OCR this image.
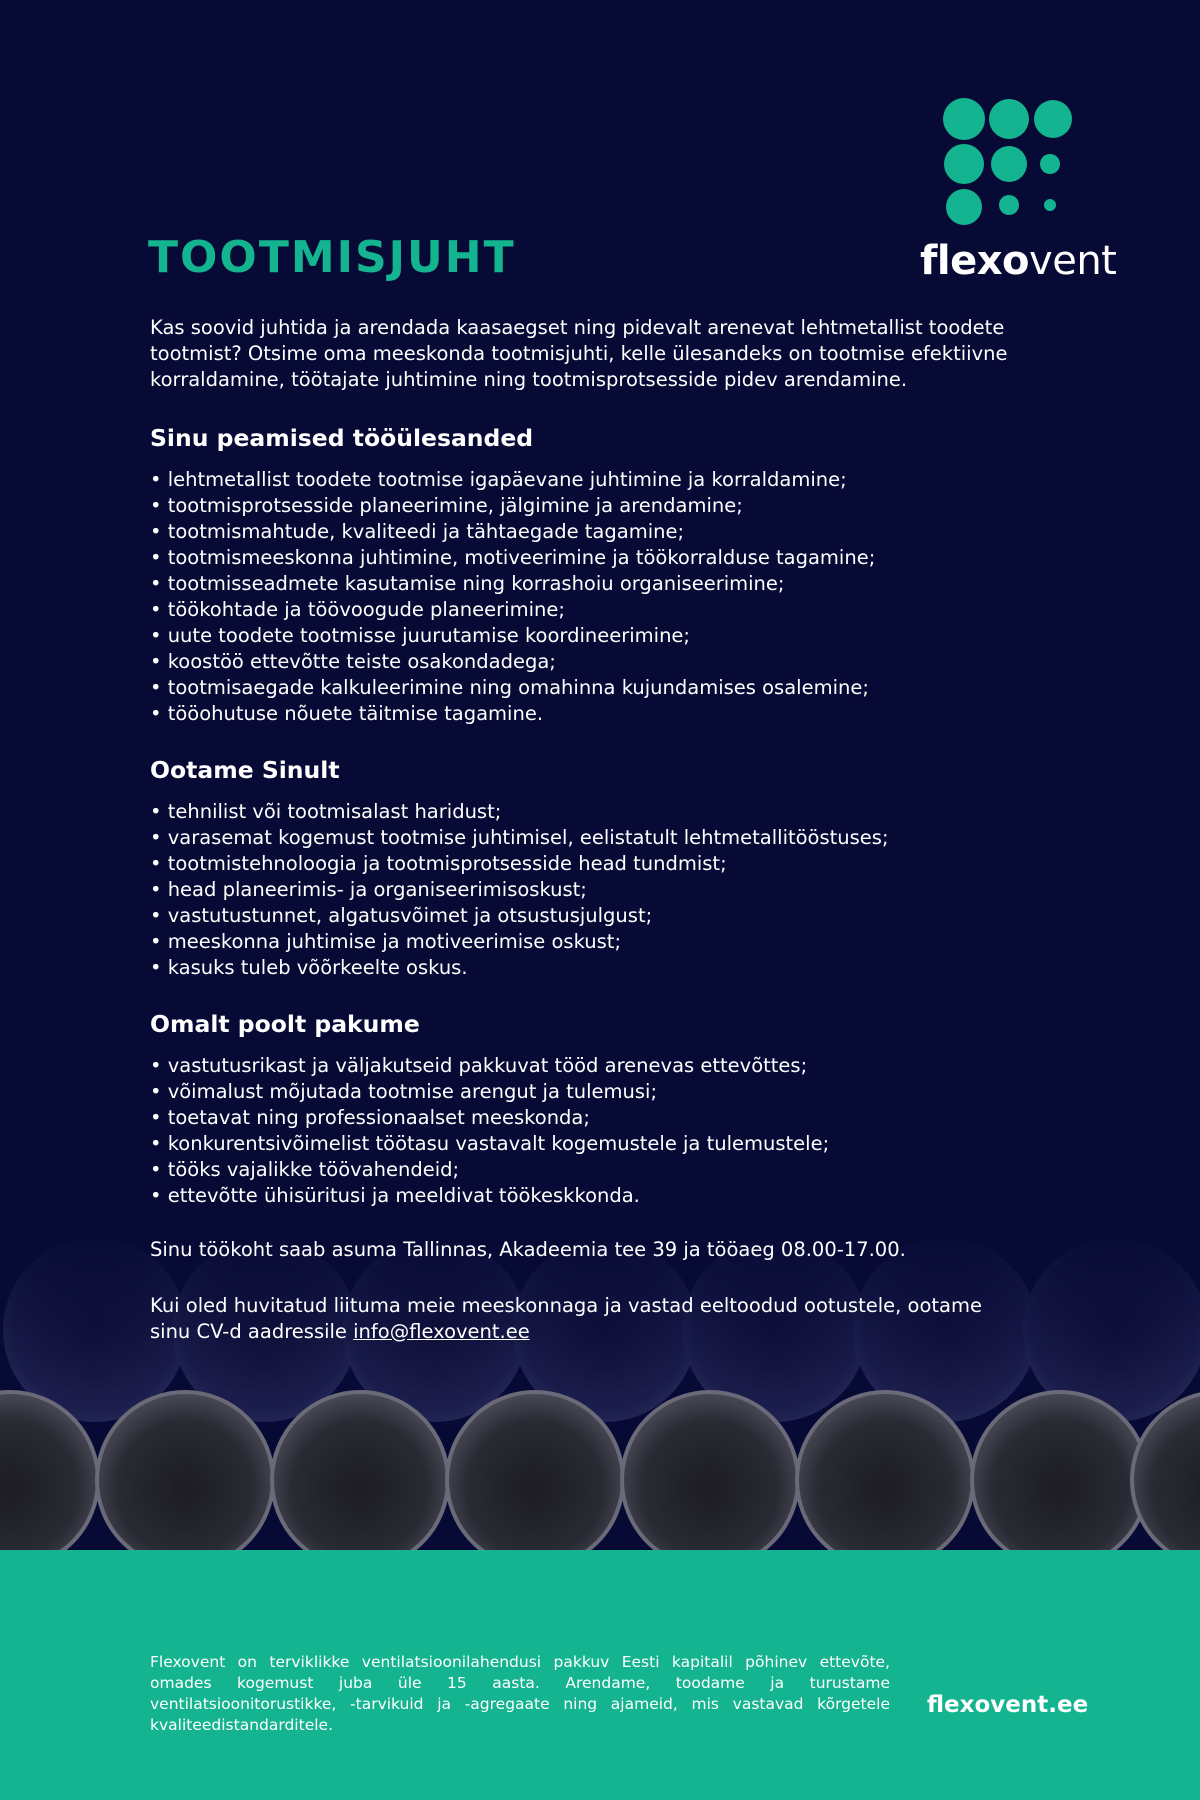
Flexovent on terviklikke ventilatsioonilahendusi pakkuv Eesti kapitalil põhinev ettevõte, omades kogemust juba üle 15 aasta. Arendame, toodame ja turustame ventilatsioonitorustikke, -tarvikuid ja -agregaate ning ajameid, mis vastavad kõrgetele kvaliteedistandarditele.
flexovent.ee
flexovent
TOOTMISJUHT

Kas soovid juhtida ja arendada kaasaegset ning pidevalt arenevat lehtmetallist toodete tootmist? Otsime oma meeskonda tootmisjuhti, kelle ülesandeks on tootmise efektiivne korraldamine, töötajate juhtimine ning tootmisprotsesside pidev arendamine.

Sinu peamised tööülesanded
• lehtmetallist toodete tootmise igapäevane juhtimine ja korraldamine;
• tootmisprotsesside planeerimine, jälgimine ja arendamine;
• tootmismahtude, kvaliteedi ja tähtaegade tagamine;
• tootmismeeskonna juhtimine, motiveerimine ja töökorralduse tagamine;
• tootmisseadmete kasutamise ning korrashoiu organiseerimine;
• töökohtade ja töövoogude planeerimine;
• uute toodete tootmisse juurutamise koordineerimine;
• koostöö ettevõtte teiste osakondadega;
• tootmisaegade kalkuleerimine ning omahinna kujundamises osalemine;
• tööohutuse nõuete täitmise tagamine.
Ootame Sinult
• tehnilist või tootmisalast haridust;
• varasemat kogemust tootmise juhtimisel, eelistatult lehtmetallitööstuses;
• tootmistehnoloogia ja tootmisprotsesside head tundmist;
• head planeerimis- ja organiseerimisoskust;
• vastutustunnet, algatusvõimet ja otsustusjulgust;
• meeskonna juhtimise ja motiveerimise oskust;
• kasuks tuleb võõrkeelte oskus.
Omalt poolt pakume
• vastutusrikast ja väljakutseid pakkuvat tööd arenevas ettevõttes;
• võimalust mõjutada tootmise arengut ja tulemusi;
• toetavat ning professionaalset meeskonda;
• konkurentsivõimelist töötasu vastavalt kogemustele ja tulemustele;
• tööks vajalikke töövahendeid;
• ettevõtte ühisüritusi ja meeldivat töökeskkonda.

Sinu töökoht saab asuma Tallinnas, Akadeemia tee 39 ja tööaeg 08.00-17.00.

Kui oled huvitatud liituma meie meeskonnaga ja vastad eeltoodud ootustele, ootame sinu CV-d aadressile info@flexovent.ee
